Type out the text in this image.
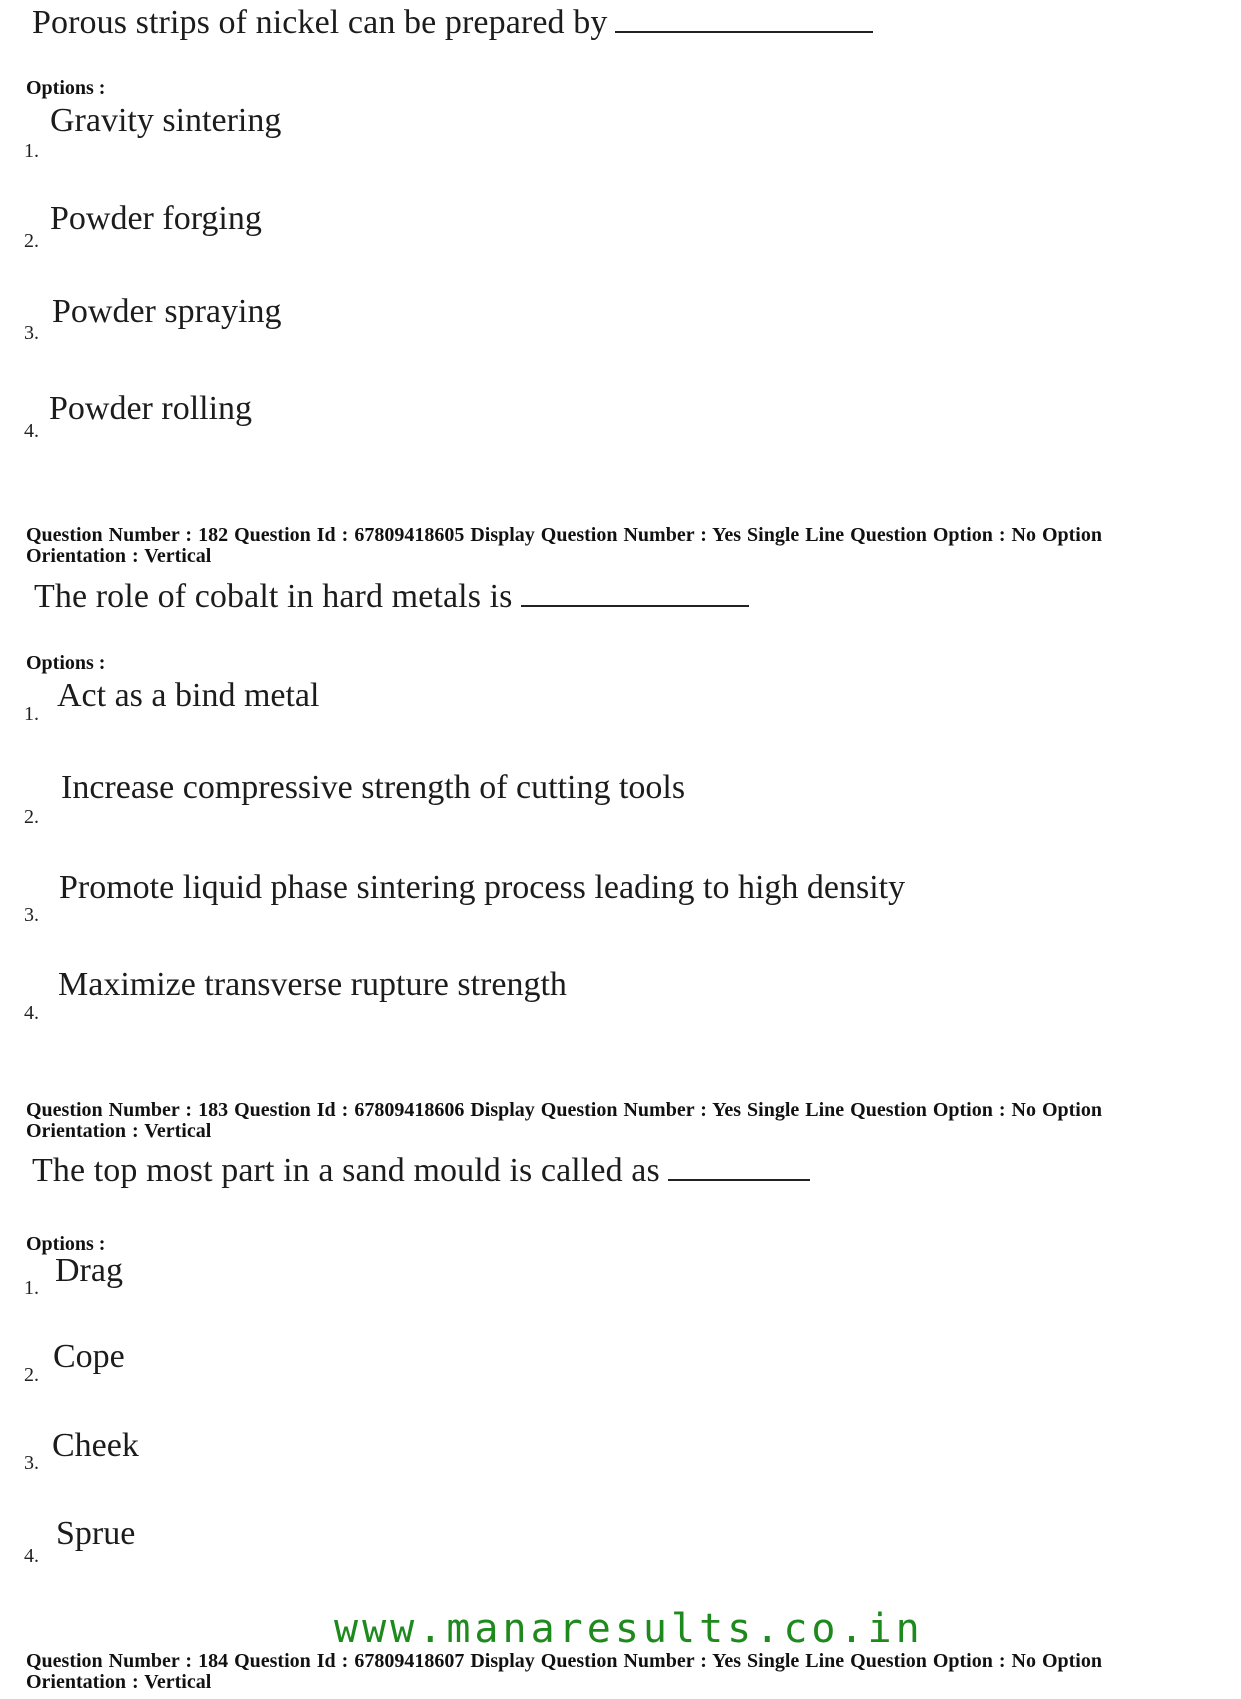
Porous strips of nickel can be prepared by
Options :
1.
Gravity sintering
2.
Powder forging
3.
Powder spraying
4.
Powder rolling
Question Number : 182 Question Id : 67809418605 Display Question Number : Yes Single Line Question Option : No Option Orientation : Vertical
The role of cobalt in hard metals is
Options :
1. Act as a bind metal
2.
Increase compressive strength of cutting tools
3.
Promote liquid phase sintering process leading to high density
4.
Maximize transverse rupture strength
Question Number : 183 Question Id : 67809418606 Display Question Number : Yes Single Line Question Option : No Option Orientation : Vertical
The top most part in a sand mould is called as
Options :
1. Drag
2. Cope
3. Cheek
4.
Sprue
www.manaresults.co.in
Question Number : 184 Question Id : 67809418607 Display Question Number : Yes Single Line Question Option : No Option Orientation : Vertical
